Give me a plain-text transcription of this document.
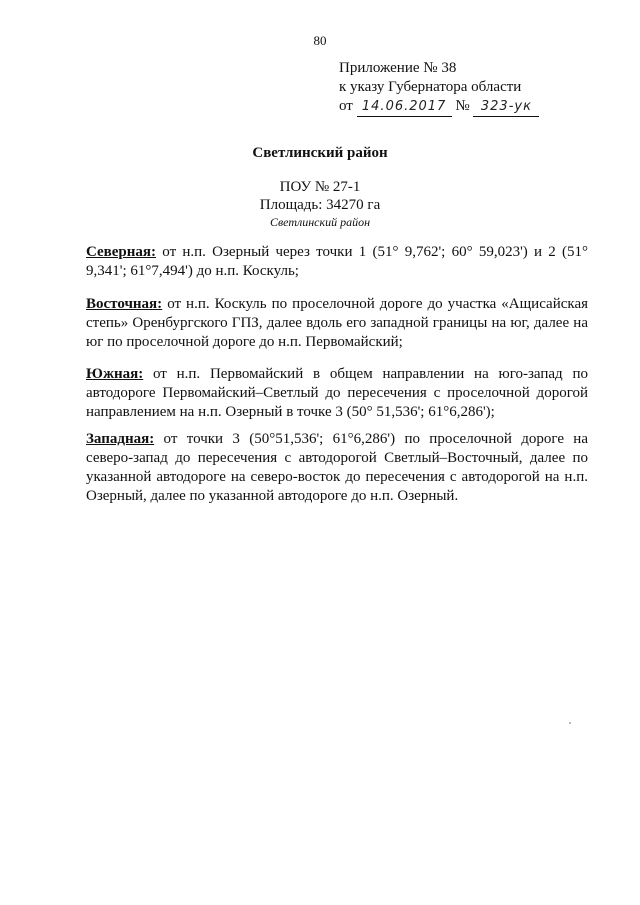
80
Приложение № 38
к указу Губернатора области
от 14.06.2017 № 323-ук
Светлинский район
ПОУ № 27-1
Площадь: 34270 га
Светлинский район
Северная: от н.п. Озерный через точки 1 (51° 9,762'; 60° 59,023') и 2 (51° 9,341'; 61°7,494') до н.п. Коскуль;
Восточная: от н.п. Коскуль по проселочной дороге до участка «Ащисайская степь» Оренбургского ГПЗ, далее вдоль его западной границы на юг, далее на юг по проселочной дороге до н.п. Первомайский;
Южная: от н.п. Первомайский в общем направлении на юго-запад по автодороге Первомайский–Светлый до пересечения с проселочной дорогой направлением на н.п. Озерный в точке 3 (50° 51,536'; 61°6,286');
Западная: от точки 3 (50°51,536'; 61°6,286') по проселочной дороге на северо-запад до пересечения с автодорогой Светлый–Восточный, далее по указанной автодороге на северо-восток до пересечения с автодорогой на н.п. Озерный, далее по указанной автодороге до н.п. Озерный.
